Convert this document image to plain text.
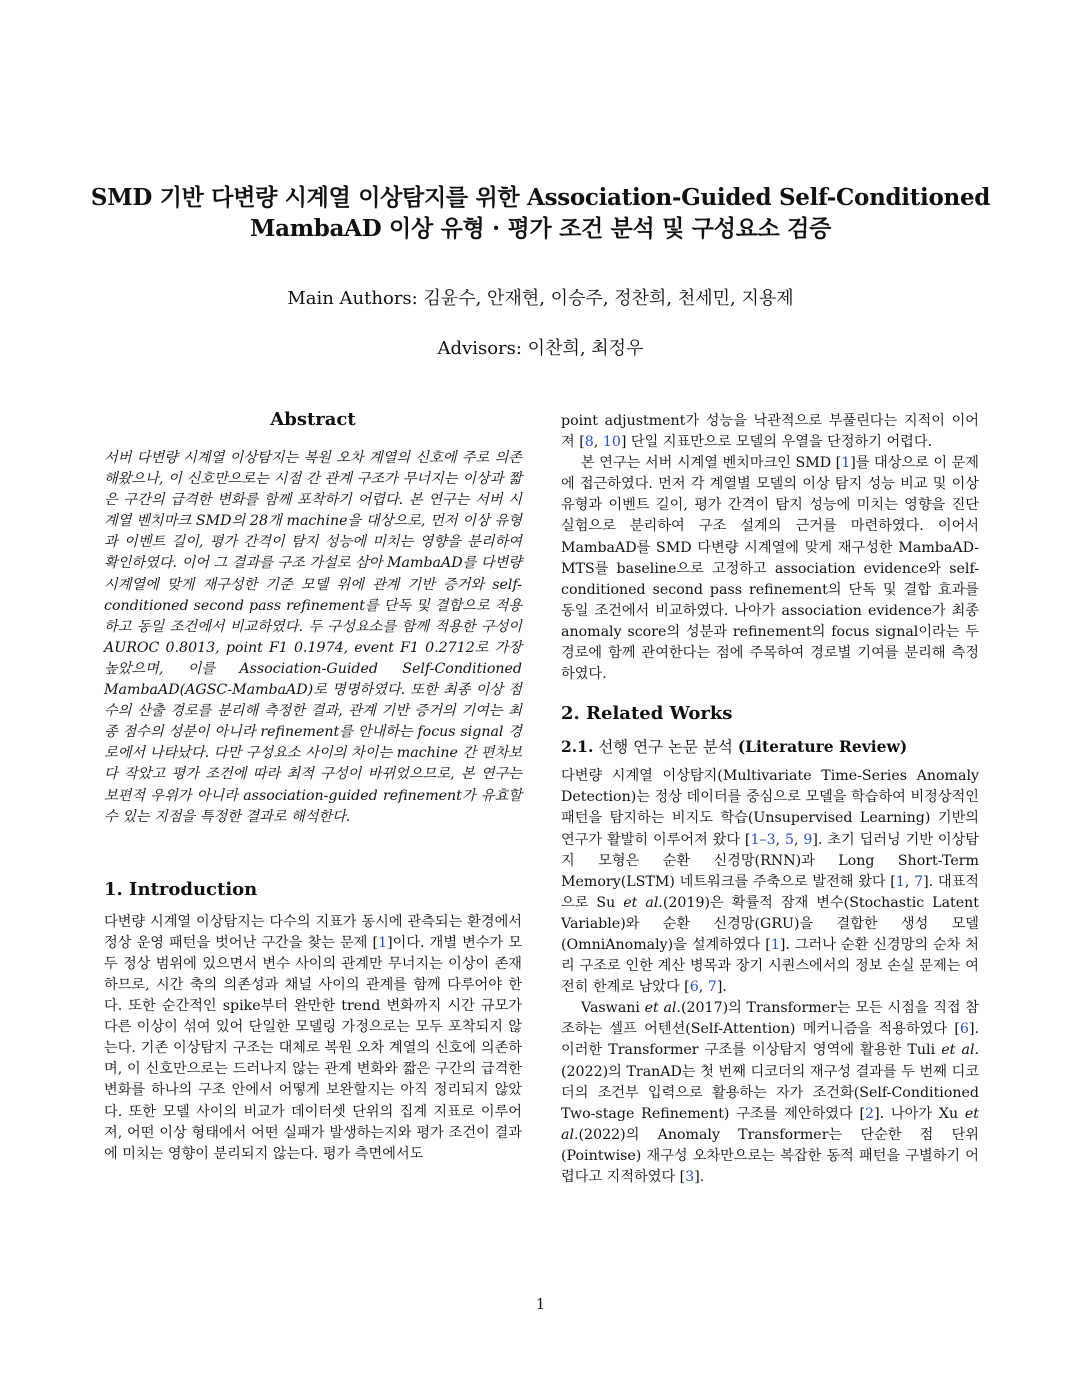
SMD 기반 다변량 시계열 이상탐지를 위한 Association-Guided Self-Conditioned
MambaAD 이상 유형 · 평가 조건 분석 및 구성요소 검증
Main Authors: 김윤수, 안재현, 이승주, 정찬희, 천세민, 지용제
Advisors: 이찬희, 최정우
Abstract

서버 다변량 시계열 이상탐지는 복원 오차 계열의 신호에 주로 의존해왔으나, 이 신호만으로는 시점 간 관계 구조가 무너지는 이상과 짧은 구간의 급격한 변화를 함께 포착하기 어렵다. 본 연구는 서버 시계열 벤치마크 SMD의 28개 machine을 대상으로, 먼저 이상 유형과 이벤트 길이, 평가 간격이 탐지 성능에 미치는 영향을 분리하여 확인하였다. 이어 그 결과를 구조 가설로 삼아 MambaAD를 다변량 시계열에 맞게 재구성한 기준 모델 위에 관계 기반 증거와 self-conditioned second pass refinement를 단독 및 결합으로 적용하고 동일 조건에서 비교하였다. 두 구성요소를 함께 적용한 구성이 AUROC 0.8013, point F1 0.1974, event F1 0.2712로 가장 높았으며, 이를 Association-Guided Self-Conditioned MambaAD(AGSC-MambaAD)로 명명하였다. 또한 최종 이상 점수의 산출 경로를 분리해 측정한 결과, 관계 기반 증거의 기여는 최종 점수의 성분이 아니라 refinement를 안내하는 focus signal 경로에서 나타났다. 다만 구성요소 사이의 차이는 machine 간 편차보다 작았고 평가 조건에 따라 최적 구성이 바뀌었으므로, 본 연구는 보편적 우위가 아니라 association-guided refinement가 유효할 수 있는 지점을 특정한 결과로 해석한다.

1. Introduction

다변량 시계열 이상탐지는 다수의 지표가 동시에 관측되는 환경에서 정상 운영 패턴을 벗어난 구간을 찾는 문제 [1]이다. 개별 변수가 모두 정상 범위에 있으면서 변수 사이의 관계만 무너지는 이상이 존재하므로, 시간 축의 의존성과 채널 사이의 관계를 함께 다루어야 한다. 또한 순간적인 spike부터 완만한 trend 변화까지 시간 규모가 다른 이상이 섞여 있어 단일한 모델링 가정으로는 모두 포착되지 않는다. 기존 이상탐지 구조는 대체로 복원 오차 계열의 신호에 의존하며, 이 신호만으로는 드러나지 않는 관계 변화와 짧은 구간의 급격한 변화를 하나의 구조 안에서 어떻게 보완할지는 아직 정리되지 않았다. 또한 모델 사이의 비교가 데이터셋 단위의 집계 지표로 이루어져, 어떤 이상 형태에서 어떤 실패가 발생하는지와 평가 조건이 결과에 미치는 영향이 분리되지 않는다. 평가 측면에서도

point adjustment가 성능을 낙관적으로 부풀린다는 지적이 이어져 [8, 10] 단일 지표만으로 모델의 우열을 단정하기 어렵다.

본 연구는 서버 시계열 벤치마크인 SMD [1]를 대상으로 이 문제에 접근하였다. 먼저 각 계열별 모델의 이상 탐지 성능 비교 및 이상 유형과 이벤트 길이, 평가 간격이 탐지 성능에 미치는 영향을 진단 실험으로 분리하여 구조 설계의 근거를 마련하였다. 이어서 MambaAD를 SMD 다변량 시계열에 맞게 재구성한 MambaAD-MTS를 baseline으로 고정하고 association evidence와 self-conditioned second pass refinement의 단독 및 결합 효과를 동일 조건에서 비교하였다. 나아가 association evidence가 최종 anomaly score의 성분과 refinement의 focus signal이라는 두 경로에 함께 관여한다는 점에 주목하여 경로별 기여를 분리해 측정하였다.

2. Related Works
2.1. 선행 연구 논문 분석 (Literature Review)

다변량 시계열 이상탐지(Multivariate Time-Series Anomaly Detection)는 정상 데이터를 중심으로 모델을 학습하여 비정상적인 패턴을 탐지하는 비지도 학습(Unsupervised Learning) 기반의 연구가 활발히 이루어져 왔다 [1–3, 5, 9]. 초기 딥러닝 기반 이상탐지 모형은 순환 신경망(RNN)과 Long Short-Term Memory(LSTM) 네트워크를 주축으로 발전해 왔다 [1, 7]. 대표적으로 Su et al.(2019)은 확률적 잠재 변수(Stochastic Latent Variable)와 순환 신경망(GRU)을 결합한 생성 모델(OmniAnomaly)을 설계하였다 [1]. 그러나 순환 신경망의 순차 처리 구조로 인한 계산 병목과 장기 시퀀스에서의 정보 손실 문제는 여전히 한계로 남았다 [6, 7].

Vaswani et al.(2017)의 Transformer는 모든 시점을 직접 참조하는 셀프 어텐션(Self-Attention) 메커니즘을 적용하였다 [6]. 이러한 Transformer 구조를 이상탐지 영역에 활용한 Tuli et al.(2022)의 TranAD는 첫 번째 디코더의 재구성 결과를 두 번째 디코더의 조건부 입력으로 활용하는 자가 조건화(Self-Conditioned Two-stage Refinement) 구조를 제안하였다 [2]. 나아가 Xu et al.(2022)의 Anomaly Transformer는 단순한 점 단위(Pointwise) 재구성 오차만으로는 복잡한 동적 패턴을 구별하기 어렵다고 지적하였다 [3].

1
